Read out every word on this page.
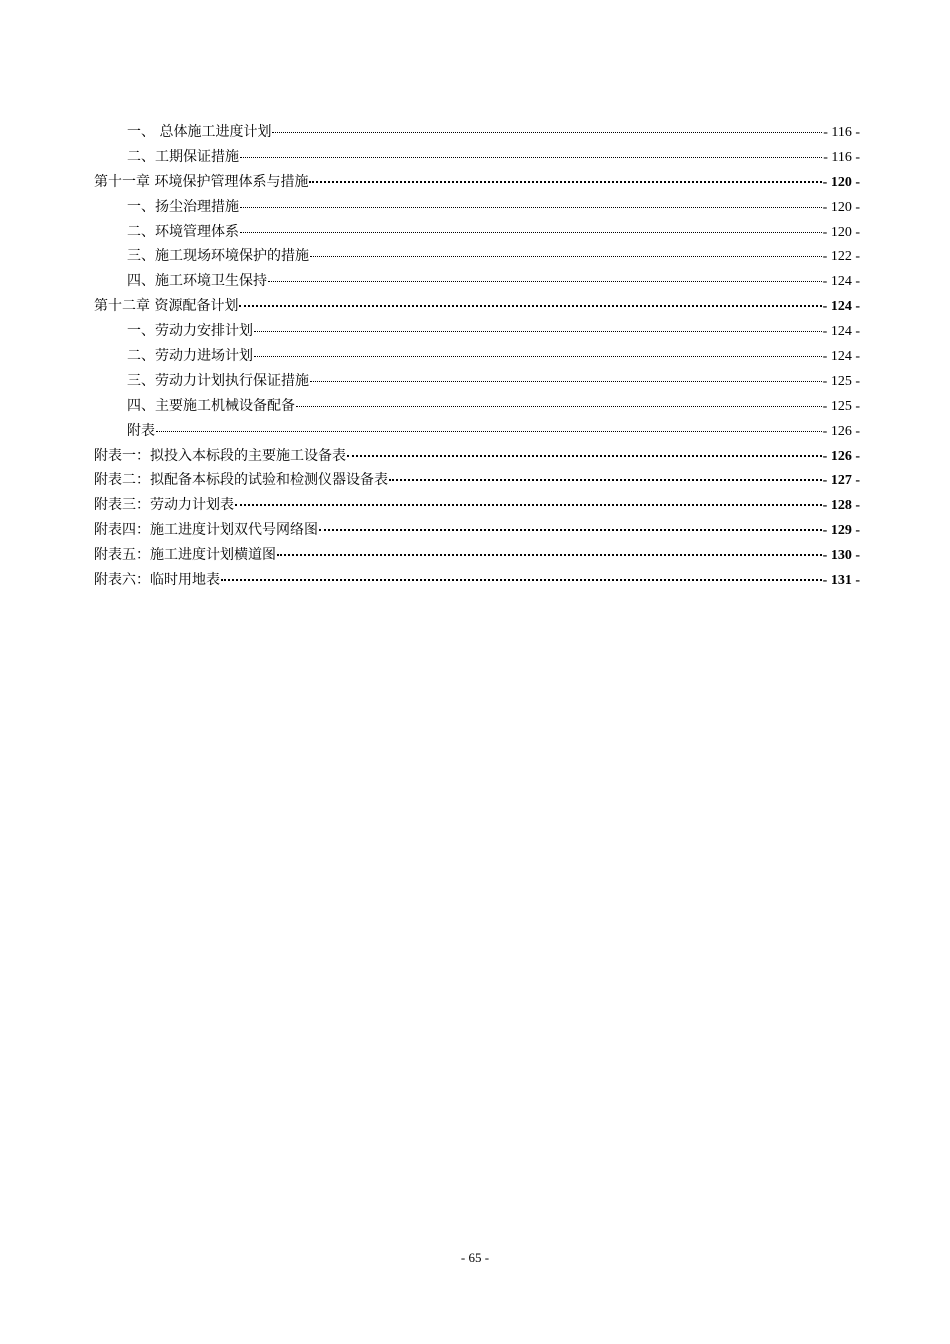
一、 总体施工进度计划	- 116 -
二、工期保证措施	- 116 -
第十一章 环境保护管理体系与措施	- 120 -
一、扬尘治理措施	- 120 -
二、环境管理体系	- 120 -
三、施工现场环境保护的措施	- 122 -
四、施工环境卫生保持	- 124 -
第十二章 资源配备计划	- 124 -
一、劳动力安排计划	- 124 -
二、劳动力进场计划	- 124 -
三、劳动力计划执行保证措施	- 125 -
四、主要施工机械设备配备	- 125 -
附表	- 126 -
附表一：拟投入本标段的主要施工设备表	- 126 -
附表二：拟配备本标段的试验和检测仪器设备表	- 127 -
附表三：劳动力计划表	- 128 -
附表四：施工进度计划双代号网络图	- 129 -
附表五：施工进度计划横道图	- 130 -
附表六：临时用地表	- 131 -
- 65 -
